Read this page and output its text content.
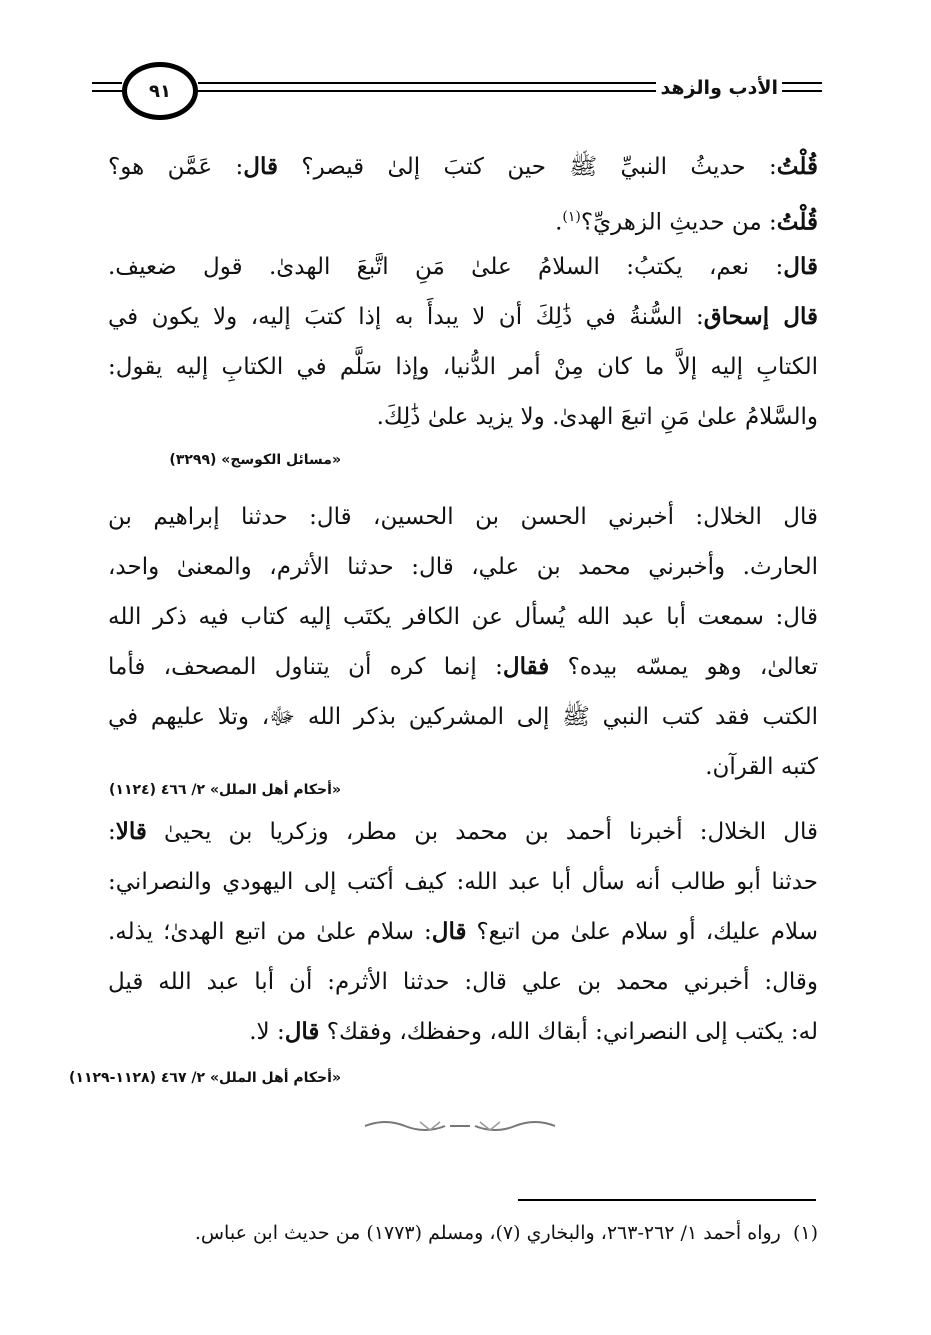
الأدب والزهد
٩١
قُلْتُ: حديثُ النبيِّ ﷺ حين كتبَ إلىٰ قيصر؟ قال: عَمَّن هو؟
قُلْتُ: من حديثِ الزهريِّ؟$^{(١)}$.
قال: نعم، يكتبُ: السلامُ علىٰ مَنِ اتَّبعَ الهدىٰ. قول ضعيف.
قال إسحاق: السُّنةُ في ذَٰلِكَ أن لا يبدأَ به إذا كتبَ إليه، ولا يكون في
الكتابِ إليه إلاَّ ما كان مِنْ أمر الدُّنيا، وإذا سَلَّم في الكتابِ إليه يقول:
والسَّلامُ علىٰ مَنِ اتبعَ الهدىٰ. ولا يزيد علىٰ ذَٰلِكَ.
«مسائل الكوسج» (٣٢٩٩)
قال الخلال: أخبرني الحسن بن الحسين، قال: حدثنا إبراهيم بن
الحارث. وأخبرني محمد بن علي، قال: حدثنا الأثرم، والمعنىٰ واحد،
قال: سمعت أبا عبد الله يُسأل عن الكافر يكتَب إليه كتاب فيه ذكر الله
تعالىٰ، وهو يمسّه بيده؟ فقال: إنما كره أن يتناول المصحف، فأما
الكتب فقد كتب النبي ﷺ إلى المشركين بذكر الله ﷻ، وتلا عليهم في
كتبه القرآن.
«أحكام أهل الملل» ٢/ ٤٦٦ (١١٢٤)
قال الخلال: أخبرنا أحمد بن محمد بن مطر، وزكريا بن يحيىٰ قالا:
حدثنا أبو طالب أنه سأل أبا عبد الله: كيف أكتب إلى اليهودي والنصراني:
سلام عليك، أو سلام علىٰ من اتبع؟ قال: سلام علىٰ من اتبع الهدىٰ؛ يذله.
وقال: أخبرني محمد بن علي قال: حدثنا الأثرم: أن أبا عبد الله قيل
له: يكتب إلى النصراني: أبقاك الله، وحفظك، وفقك؟ قال: لا.
«أحكام أهل الملل» ٢/ ٤٦٧ (١١٢٨-١١٢٩)
(١)  رواه أحمد ١/ ٢٦٢-٢٦٣، والبخاري (٧)، ومسلم (١٧٧٣) من حديث ابن عباس.
